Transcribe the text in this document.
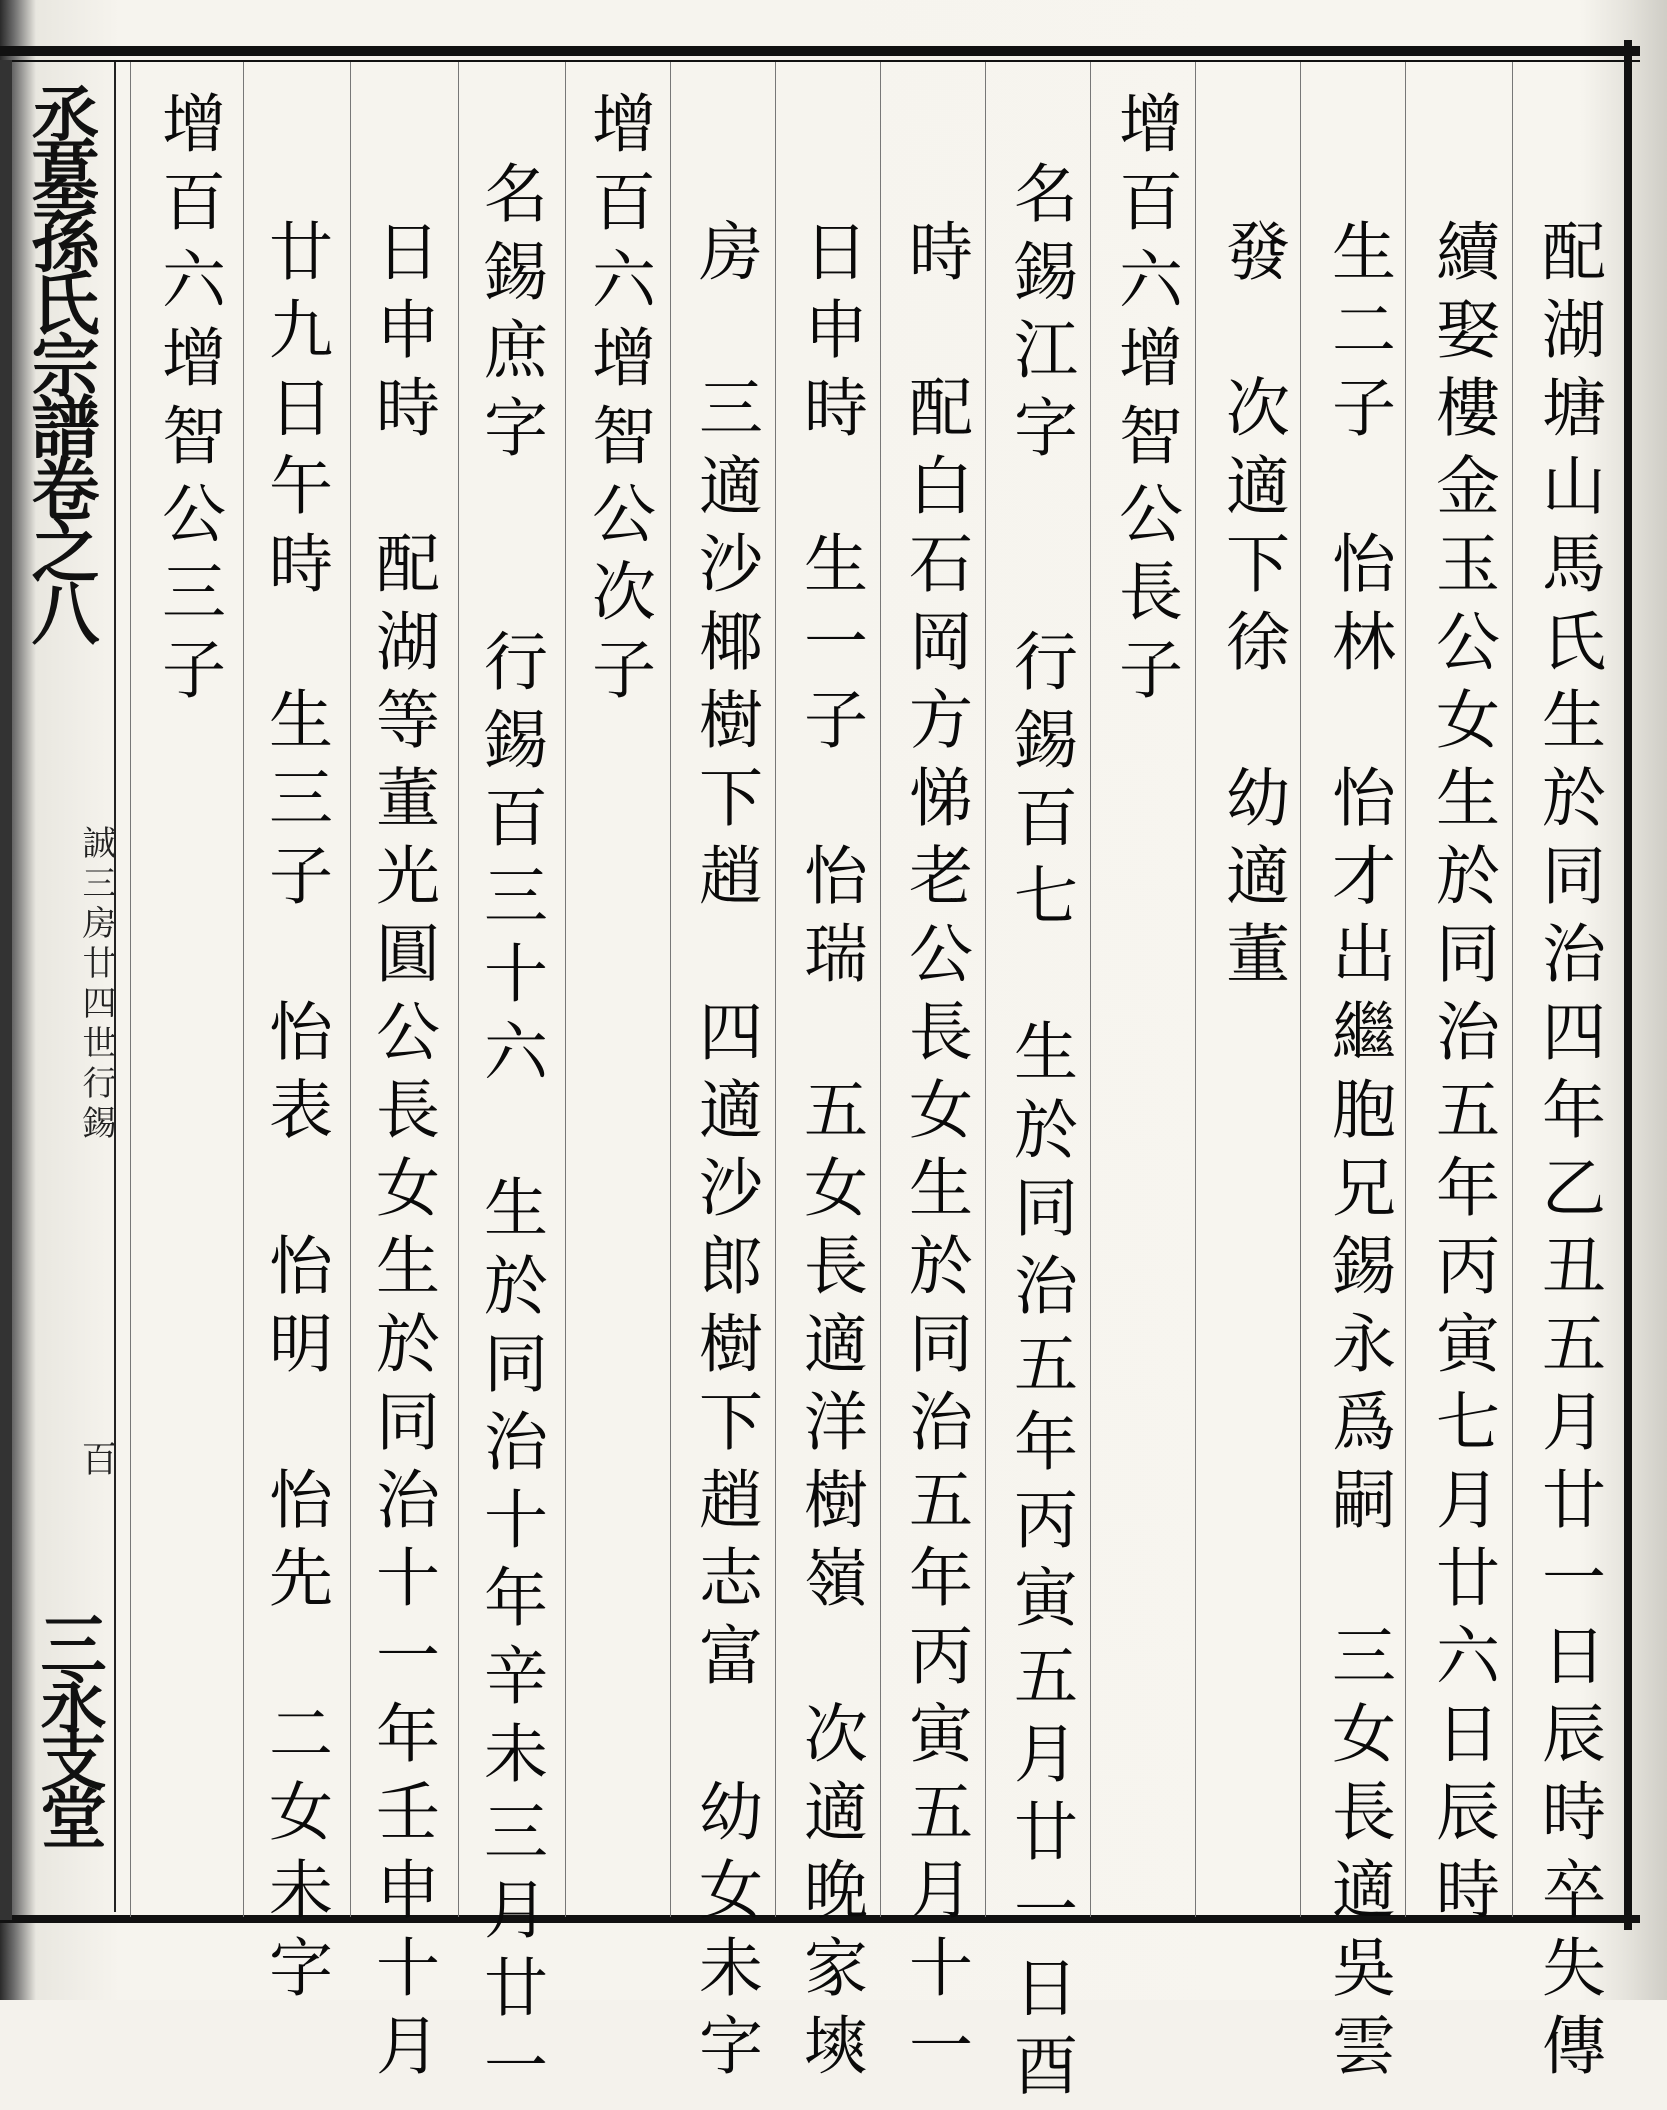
丞墓孫氏宗譜卷之八
誠三房廿四世行錫
百
三永支堂	配湖塘山馬氏生於同治四年乙丑五月廿一日辰時卒失傳
續娶樓金玉公女生於同治五年丙寅七月廿六日辰時
生二子　怡林　怡才出繼胞兄錫永爲嗣　三女長適吳雲
發　次適下徐　幼適董
增百六增智公長子
名錫江字　　行錫百七　生於同治五年丙寅五月廿一日酉
時　配白石岡方悌老公長女生於同治五年丙寅五月十一
日申時　生一子　怡瑞　五女長適洋樹嶺　次適晚家塽
房　三適沙椰樹下趙　四適沙郎樹下趙志富　幼女未字
增百六增智公次子
名錫庶字　　行錫百三十六　生於同治十年辛未三月廿一
日申時　配湖等董光圓公長女生於同治十一年壬申十月
廿九日午時　生三子　怡表　怡明　怡先　二女未字
增百六增智公三子
